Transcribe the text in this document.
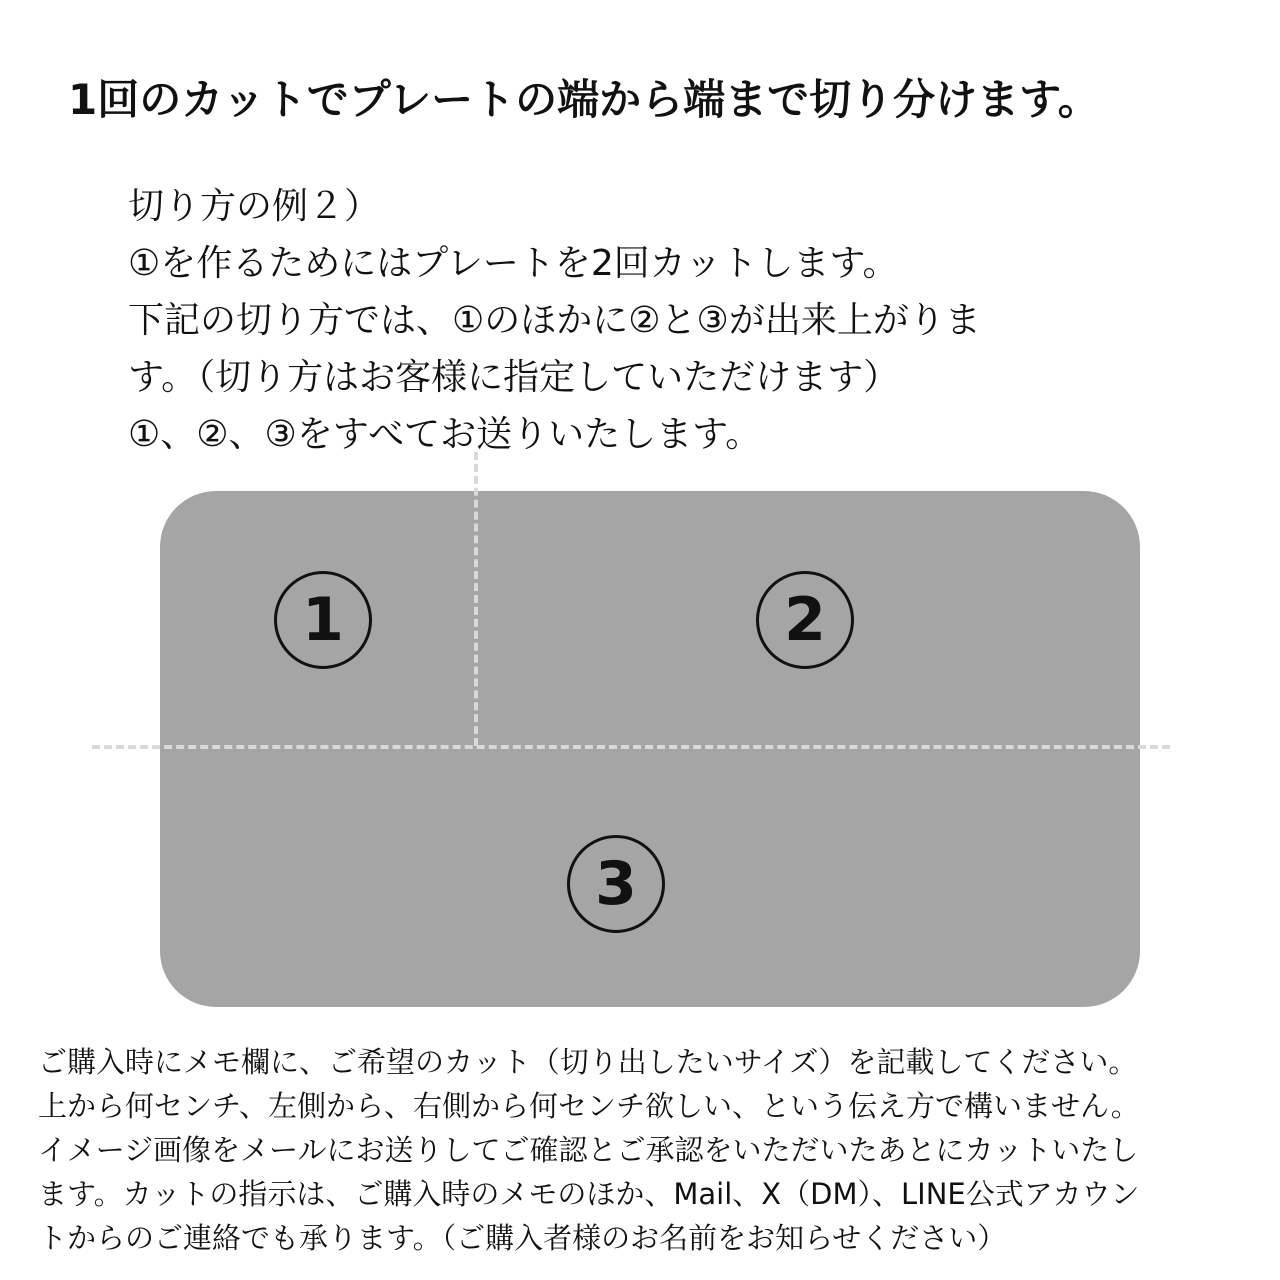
1回のカットでプレートの端から端まで切り分けます。
切り方の例２）
①を作るためにはプレートを2回カットします。
下記の切り方では、①のほかに②と③が出来上がりま
す。（切り方はお客様に指定していただけます）
①、②、③をすべてお送りいたします。
1	2
3
ご購入時にメモ欄に、ご希望のカット（切り出したいサイズ）を記載してください。
上から何センチ、左側から、右側から何センチ欲しい、という伝え方で構いません。
イメージ画像をメールにお送りしてご確認とご承認をいただいたあとにカットいたし
ます。カットの指示は、ご購入時のメモのほか、Mail、X（DM）、LINE公式アカウン
トからのご連絡でも承ります。（ご購入者様のお名前をお知らせください）
